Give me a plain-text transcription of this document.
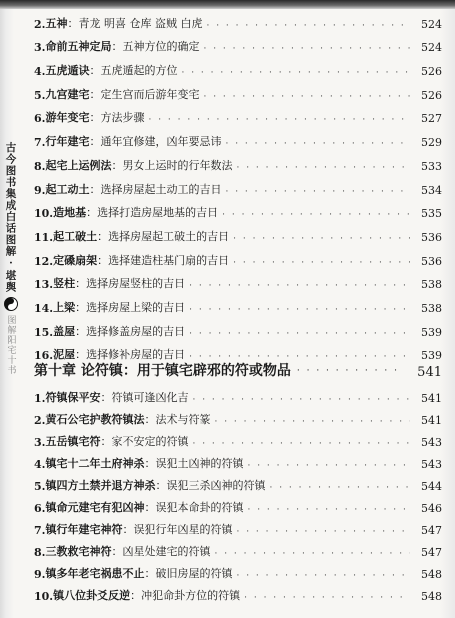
古今图书集成白话图解
·
堪舆
图解阳宅十书
2. 五神 ： 青龙 明喜 仓库 盗贼 白虎 · · ·	524
3. 命前五神定局 ： 五神方位的确定 · · ·	524
4. 五虎遁诀 ： 五虎遁起的方位 · · ·	526
5. 九宫建宅 ： 定生宫而后游年变宅 · · ·	526
6. 游年变宅 ： 方法步骤 · · ·	527
7. 行年建宅 ： 通年宜修建，凶年要忌讳 · · ·	529
8. 起宅上运例法 ： 男女上运时的行年数法 · · ·	533
9. 起工动土 ： 选择房屋起土动工的吉日 · · ·	534
10. 造地基 ： 选择打造房屋地基的吉日 · · ·	535
11. 起工破土 ： 选择房屋起工破土的吉日 · · ·	536
12. 定磉扇架 ： 选择建造柱基门扇的吉日 · · ·	536
13. 竖柱 ： 选择房屋竖柱的吉日 · · ·	538
14. 上梁 ： 选择房屋上梁的吉日 · · ·	538
15. 盖屋 ： 选择修盖房屋的吉日 · · ·	539
16. 泥屋 ： 选择修补房屋的吉日 · · ·	539
第十章 论符镇：用于镇宅辟邪的符或物品 · · ·	541
1. 符镇保平安 ： 符镇可逢凶化吉 · · ·	541
2. 黄石公宅护教符镇法 ： 法术与符篆 · · ·	541
3. 五岳镇宅符 ： 家不安定的符镇 · · ·	543
4. 镇宅十二年土府神杀 ： 误犯土凶神的符镇 · · ·	543
5. 镇四方土禁并退方神杀 ： 误犯三杀凶神的符镇 · · ·	544
6. 镇命元建宅有犯凶神 ： 误犯本命卦的符镇 · · ·	546
7. 镇行年建宅神符 ： 误犯行年凶星的符镇 · · ·	547
8. 三教救宅神符 ： 凶星处建宅的符镇 · · ·	547
9. 镇多年老宅祸患不止 ： 破旧房屋的符镇 · · ·	548
10. 镇八位卦爻反逆 ： 冲犯命卦方位的符镇 · · ·	548
